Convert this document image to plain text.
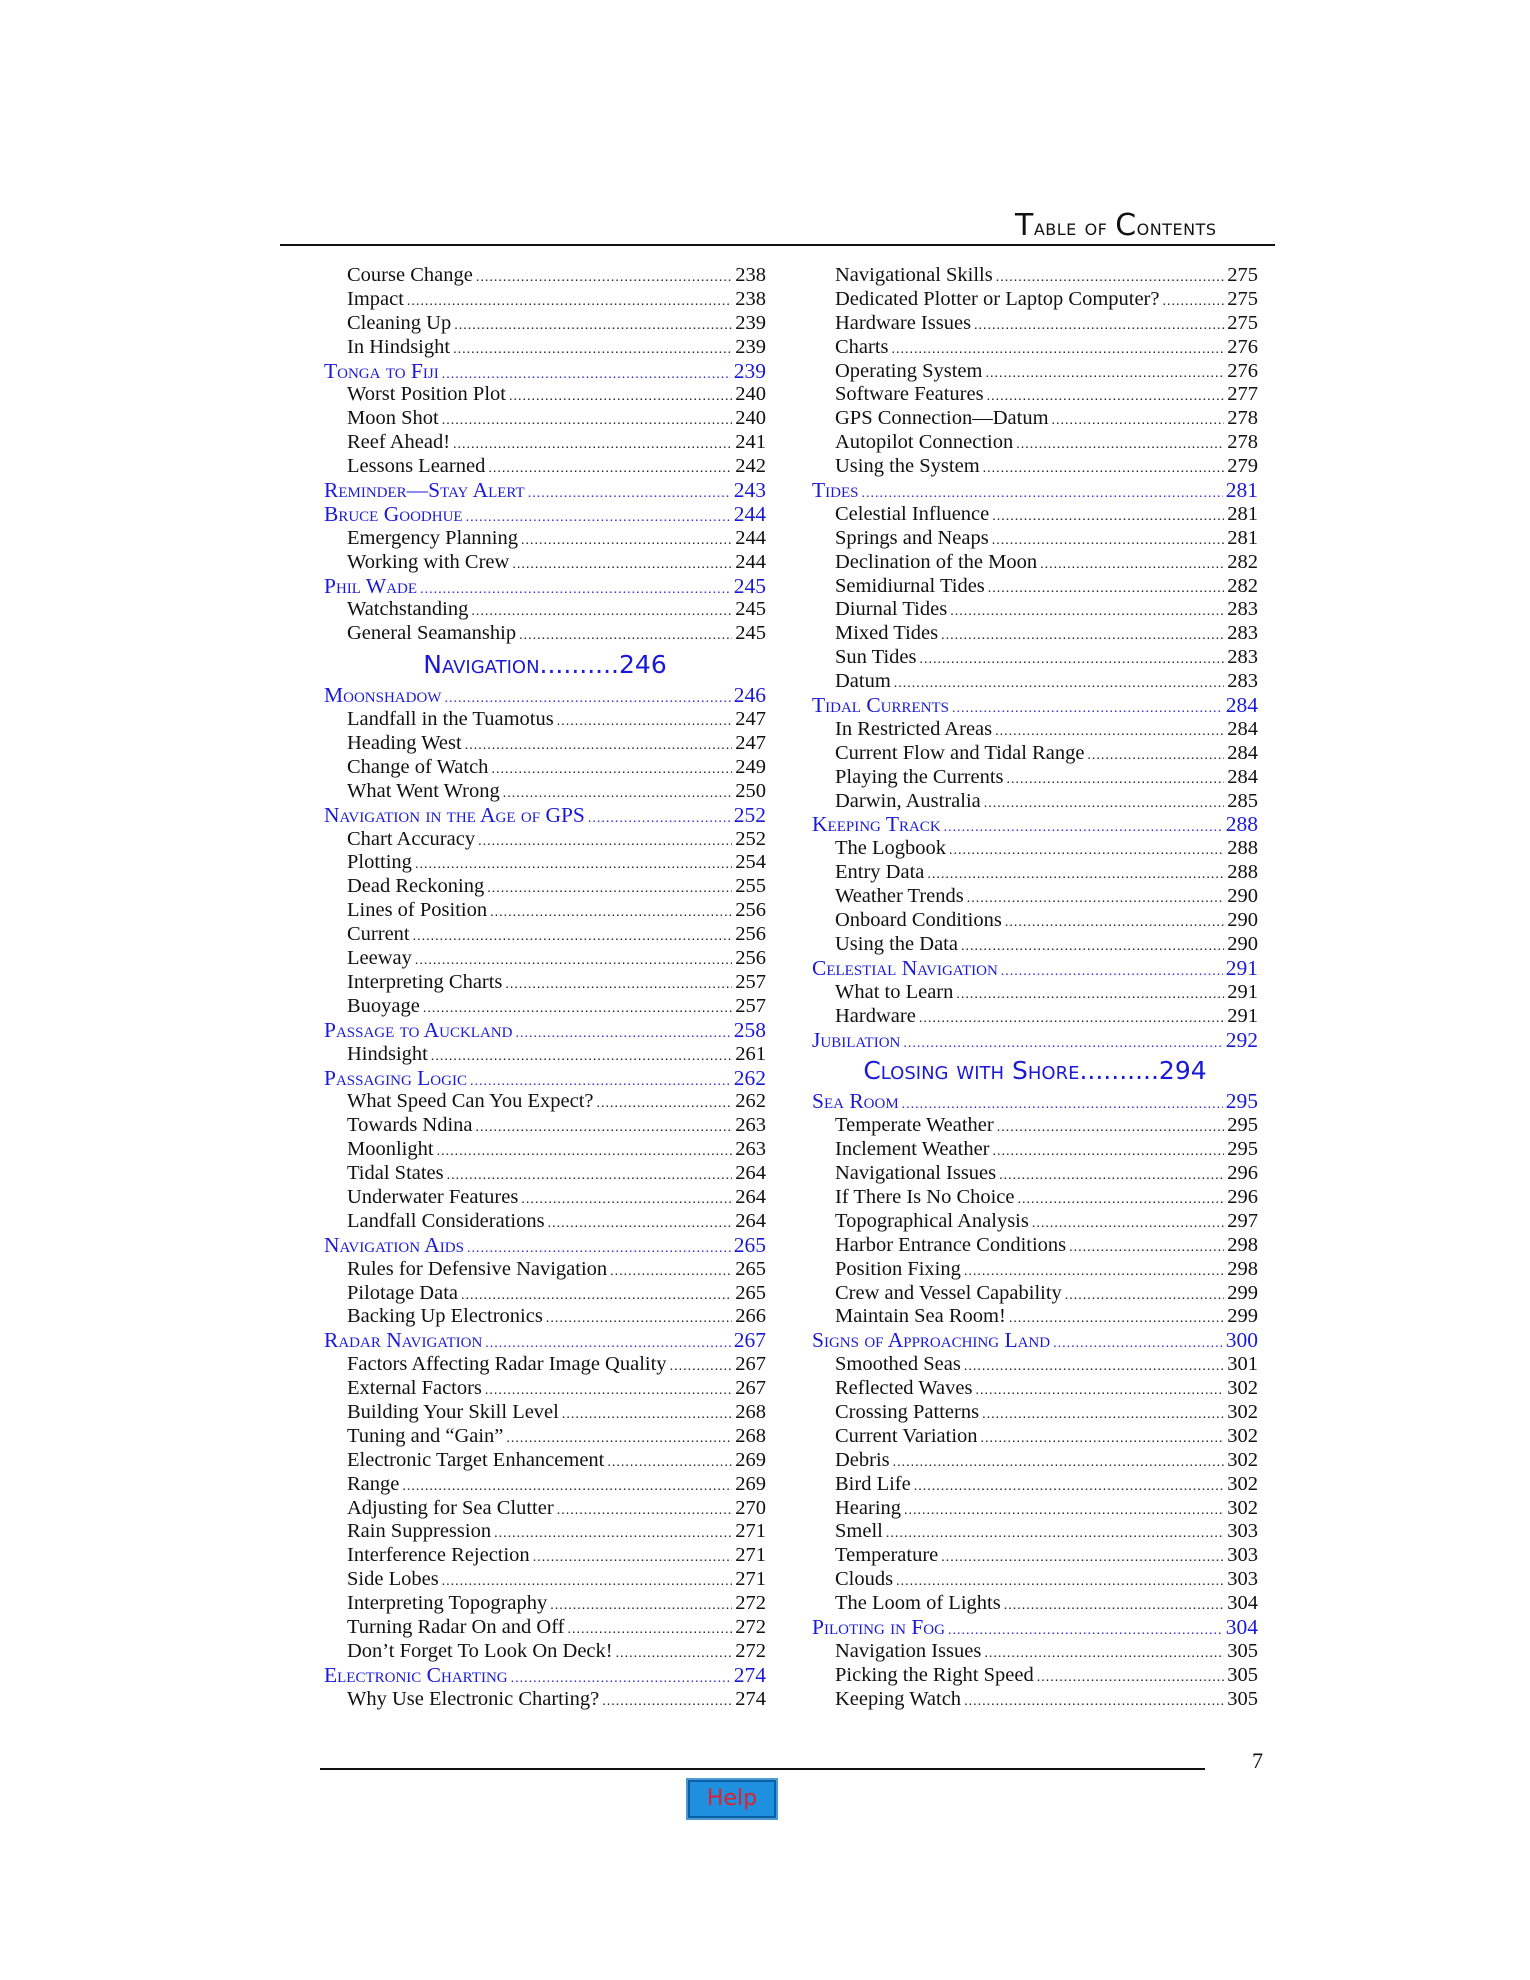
Table of Contents
Course Change .....	238
Impact .....	238
Cleaning Up .....	239
In Hindsight .....	239
Tonga to Fiji .....	239
Worst Position Plot .....	240
Moon Shot .....	240
Reef Ahead! .....	241
Lessons Learned .....	242
Reminder—Stay Alert .....	243
Bruce Goodhue .....	244
Emergency Planning .....	244
Working with Crew .....	244
Phil Wade .....	245
Watchstanding .....	245
General Seamanship .....	245
Navigation..........246
Moonshadow .....	246
Landfall in the Tuamotus .....	247
Heading West .....	247
Change of Watch .....	249
What Went Wrong .....	250
Navigation in the Age of GPS .....	252
Chart Accuracy .....	252
Plotting .....	254
Dead Reckoning .....	255
Lines of Position .....	256
Current .....	256
Leeway .....	256
Interpreting Charts .....	257
Buoyage .....	257
Passage to Auckland .....	258
Hindsight .....	261
Passaging Logic .....	262
What Speed Can You Expect? .....	262
Towards Ndina .....	263
Moonlight .....	263
Tidal States .....	264
Underwater Features .....	264
Landfall Considerations .....	264
Navigation Aids .....	265
Rules for Defensive Navigation .....	265
Pilotage Data .....	265
Backing Up Electronics .....	266
Radar Navigation .....	267
Factors Affecting Radar Image Quality .....	267
External Factors .....	267
Building Your Skill Level .....	268
Tuning and “Gain” .....	268
Electronic Target Enhancement .....	269
Range .....	269
Adjusting for Sea Clutter .....	270
Rain Suppression .....	271
Interference Rejection .....	271
Side Lobes .....	271
Interpreting Topography .....	272
Turning Radar On and Off .....	272
Don’t Forget To Look On Deck! .....	272
Electronic Charting .....	274
Why Use Electronic Charting? .....	274
Navigational Skills .....	275
Dedicated Plotter or Laptop Computer? .....	275
Hardware Issues .....	275
Charts .....	276
Operating System .....	276
Software Features .....	277
GPS Connection—Datum .....	278
Autopilot Connection .....	278
Using the System .....	279
Tides .....	281
Celestial Influence .....	281
Springs and Neaps .....	281
Declination of the Moon .....	282
Semidiurnal Tides .....	282
Diurnal Tides .....	283
Mixed Tides .....	283
Sun Tides .....	283
Datum .....	283
Tidal Currents .....	284
In Restricted Areas .....	284
Current Flow and Tidal Range .....	284
Playing the Currents .....	284
Darwin, Australia .....	285
Keeping Track .....	288
The Logbook .....	288
Entry Data .....	288
Weather Trends .....	290
Onboard Conditions .....	290
Using the Data .....	290
Celestial Navigation .....	291
What to Learn .....	291
Hardware .....	291
Jubilation .....	292
Closing with Shore..........294
Sea Room .....	295
Temperate Weather .....	295
Inclement Weather .....	295
Navigational Issues .....	296
If There Is No Choice .....	296
Topographical Analysis .....	297
Harbor Entrance Conditions .....	298
Position Fixing .....	298
Crew and Vessel Capability .....	299
Maintain Sea Room! .....	299
Signs of Approaching Land .....	300
Smoothed Seas .....	301
Reflected Waves .....	302
Crossing Patterns .....	302
Current Variation .....	302
Debris .....	302
Bird Life .....	302
Hearing .....	302
Smell .....	303
Temperature .....	303
Clouds .....	303
The Loom of Lights .....	304
Piloting in Fog .....	304
Navigation Issues .....	305
Picking the Right Speed .....	305
Keeping Watch .....	305
7
Help
